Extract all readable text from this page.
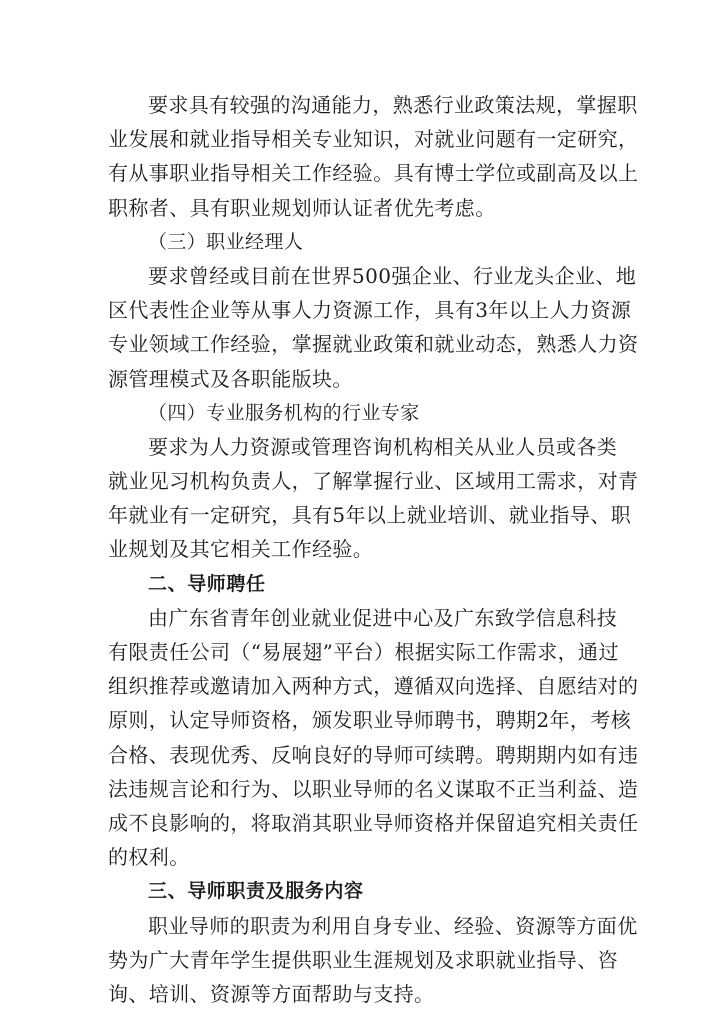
要求具有较强的沟通能力，熟悉行业政策法规，掌握职
业发展和就业指导相关专业知识，对就业问题有一定研究，
有从事职业指导相关工作经验。具有博士学位或副高及以上
职称者、具有职业规划师认证者优先考虑。
（三）职业经理人
要求曾经或目前在世界500强企业、行业龙头企业、地
区代表性企业等从事人力资源工作，具有3年以上人力资源
专业领域工作经验，掌握就业政策和就业动态，熟悉人力资
源管理模式及各职能版块。
（四）专业服务机构的行业专家
要求为人力资源或管理咨询机构相关从业人员或各类
就业见习机构负责人，了解掌握行业、区域用工需求，对青
年就业有一定研究，具有5年以上就业培训、就业指导、职
业规划及其它相关工作经验。
二、导师聘任
由广东省青年创业就业促进中心及广东致学信息科技
有限责任公司（“易展翅”平台）根据实际工作需求，通过
组织推荐或邀请加入两种方式，遵循双向选择、自愿结对的
原则，认定导师资格，颁发职业导师聘书，聘期2年，考核
合格、表现优秀、反响良好的导师可续聘。聘期期内如有违
法违规言论和行为、以职业导师的名义谋取不正当利益、造
成不良影响的，将取消其职业导师资格并保留追究相关责任
的权利。
三、导师职责及服务内容
职业导师的职责为利用自身专业、经验、资源等方面优
势为广大青年学生提供职业生涯规划及求职就业指导、咨
询、培训、资源等方面帮助与支持。
